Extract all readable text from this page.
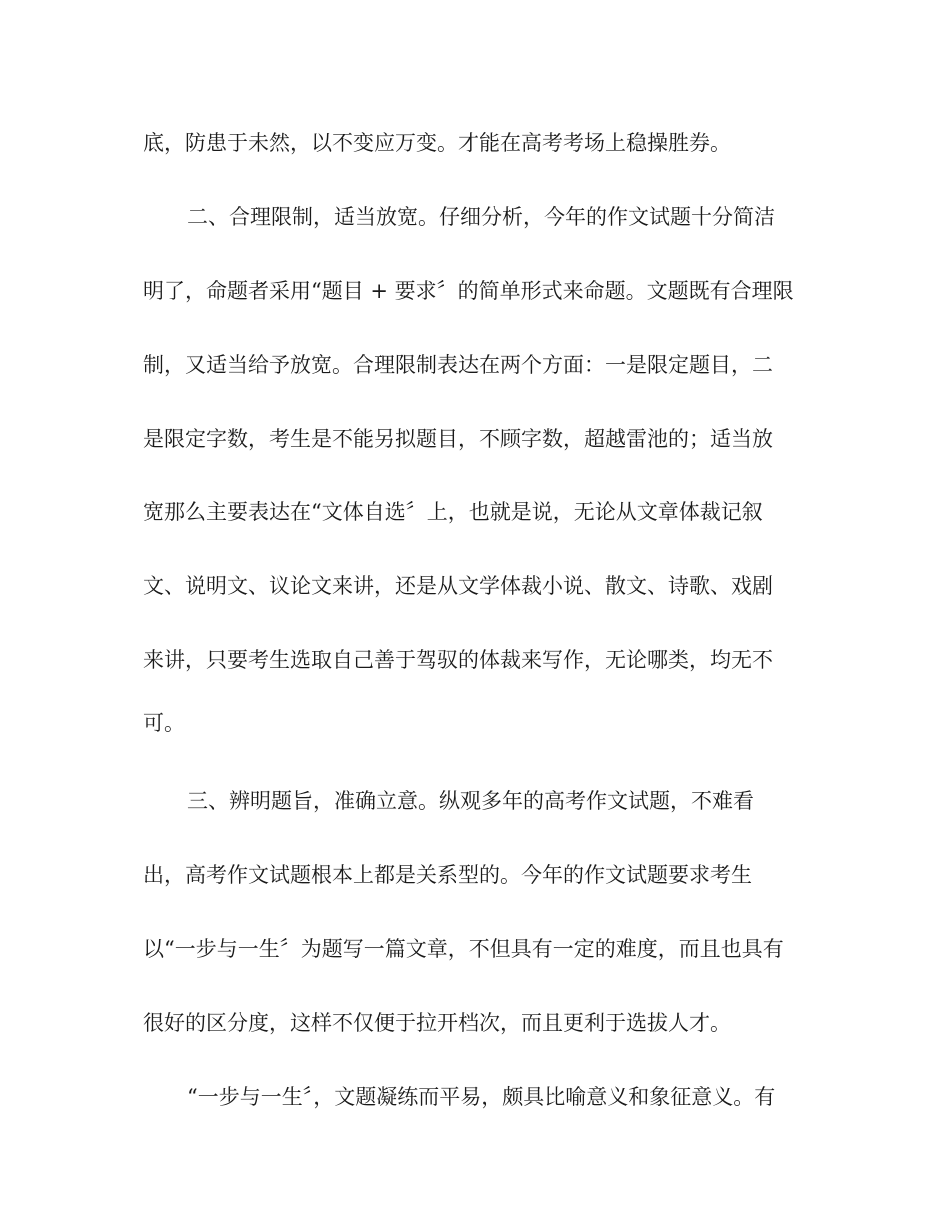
底，防患于未然，以不变应万变。才能在高考考场上稳操胜券。
二、合理限制，适当放宽。仔细分析，今年的作文试题十分简洁
明了，命题者采用“题目 + 要求〞的简单形式来命题。文题既有合理限
制，又适当给予放宽。合理限制表达在两个方面：一是限定题目，二
是限定字数，考生是不能另拟题目，不顾字数，超越雷池的；适当放
宽那么主要表达在“文体自选〞上，也就是说，无论从文章体裁记叙
文、说明文、议论文来讲，还是从文学体裁小说、散文、诗歌、戏剧
来讲，只要考生选取自己善于驾驭的体裁来写作，无论哪类，均无不
可。
三、辨明题旨，准确立意。纵观多年的高考作文试题，不难看
出，高考作文试题根本上都是关系型的。今年的作文试题要求考生
以“一步与一生〞为题写一篇文章，不但具有一定的难度，而且也具有
很好的区分度，这样不仅便于拉开档次，而且更利于选拔人才。
“一步与一生〞，文题凝练而平易，颇具比喻意义和象征意义。有
